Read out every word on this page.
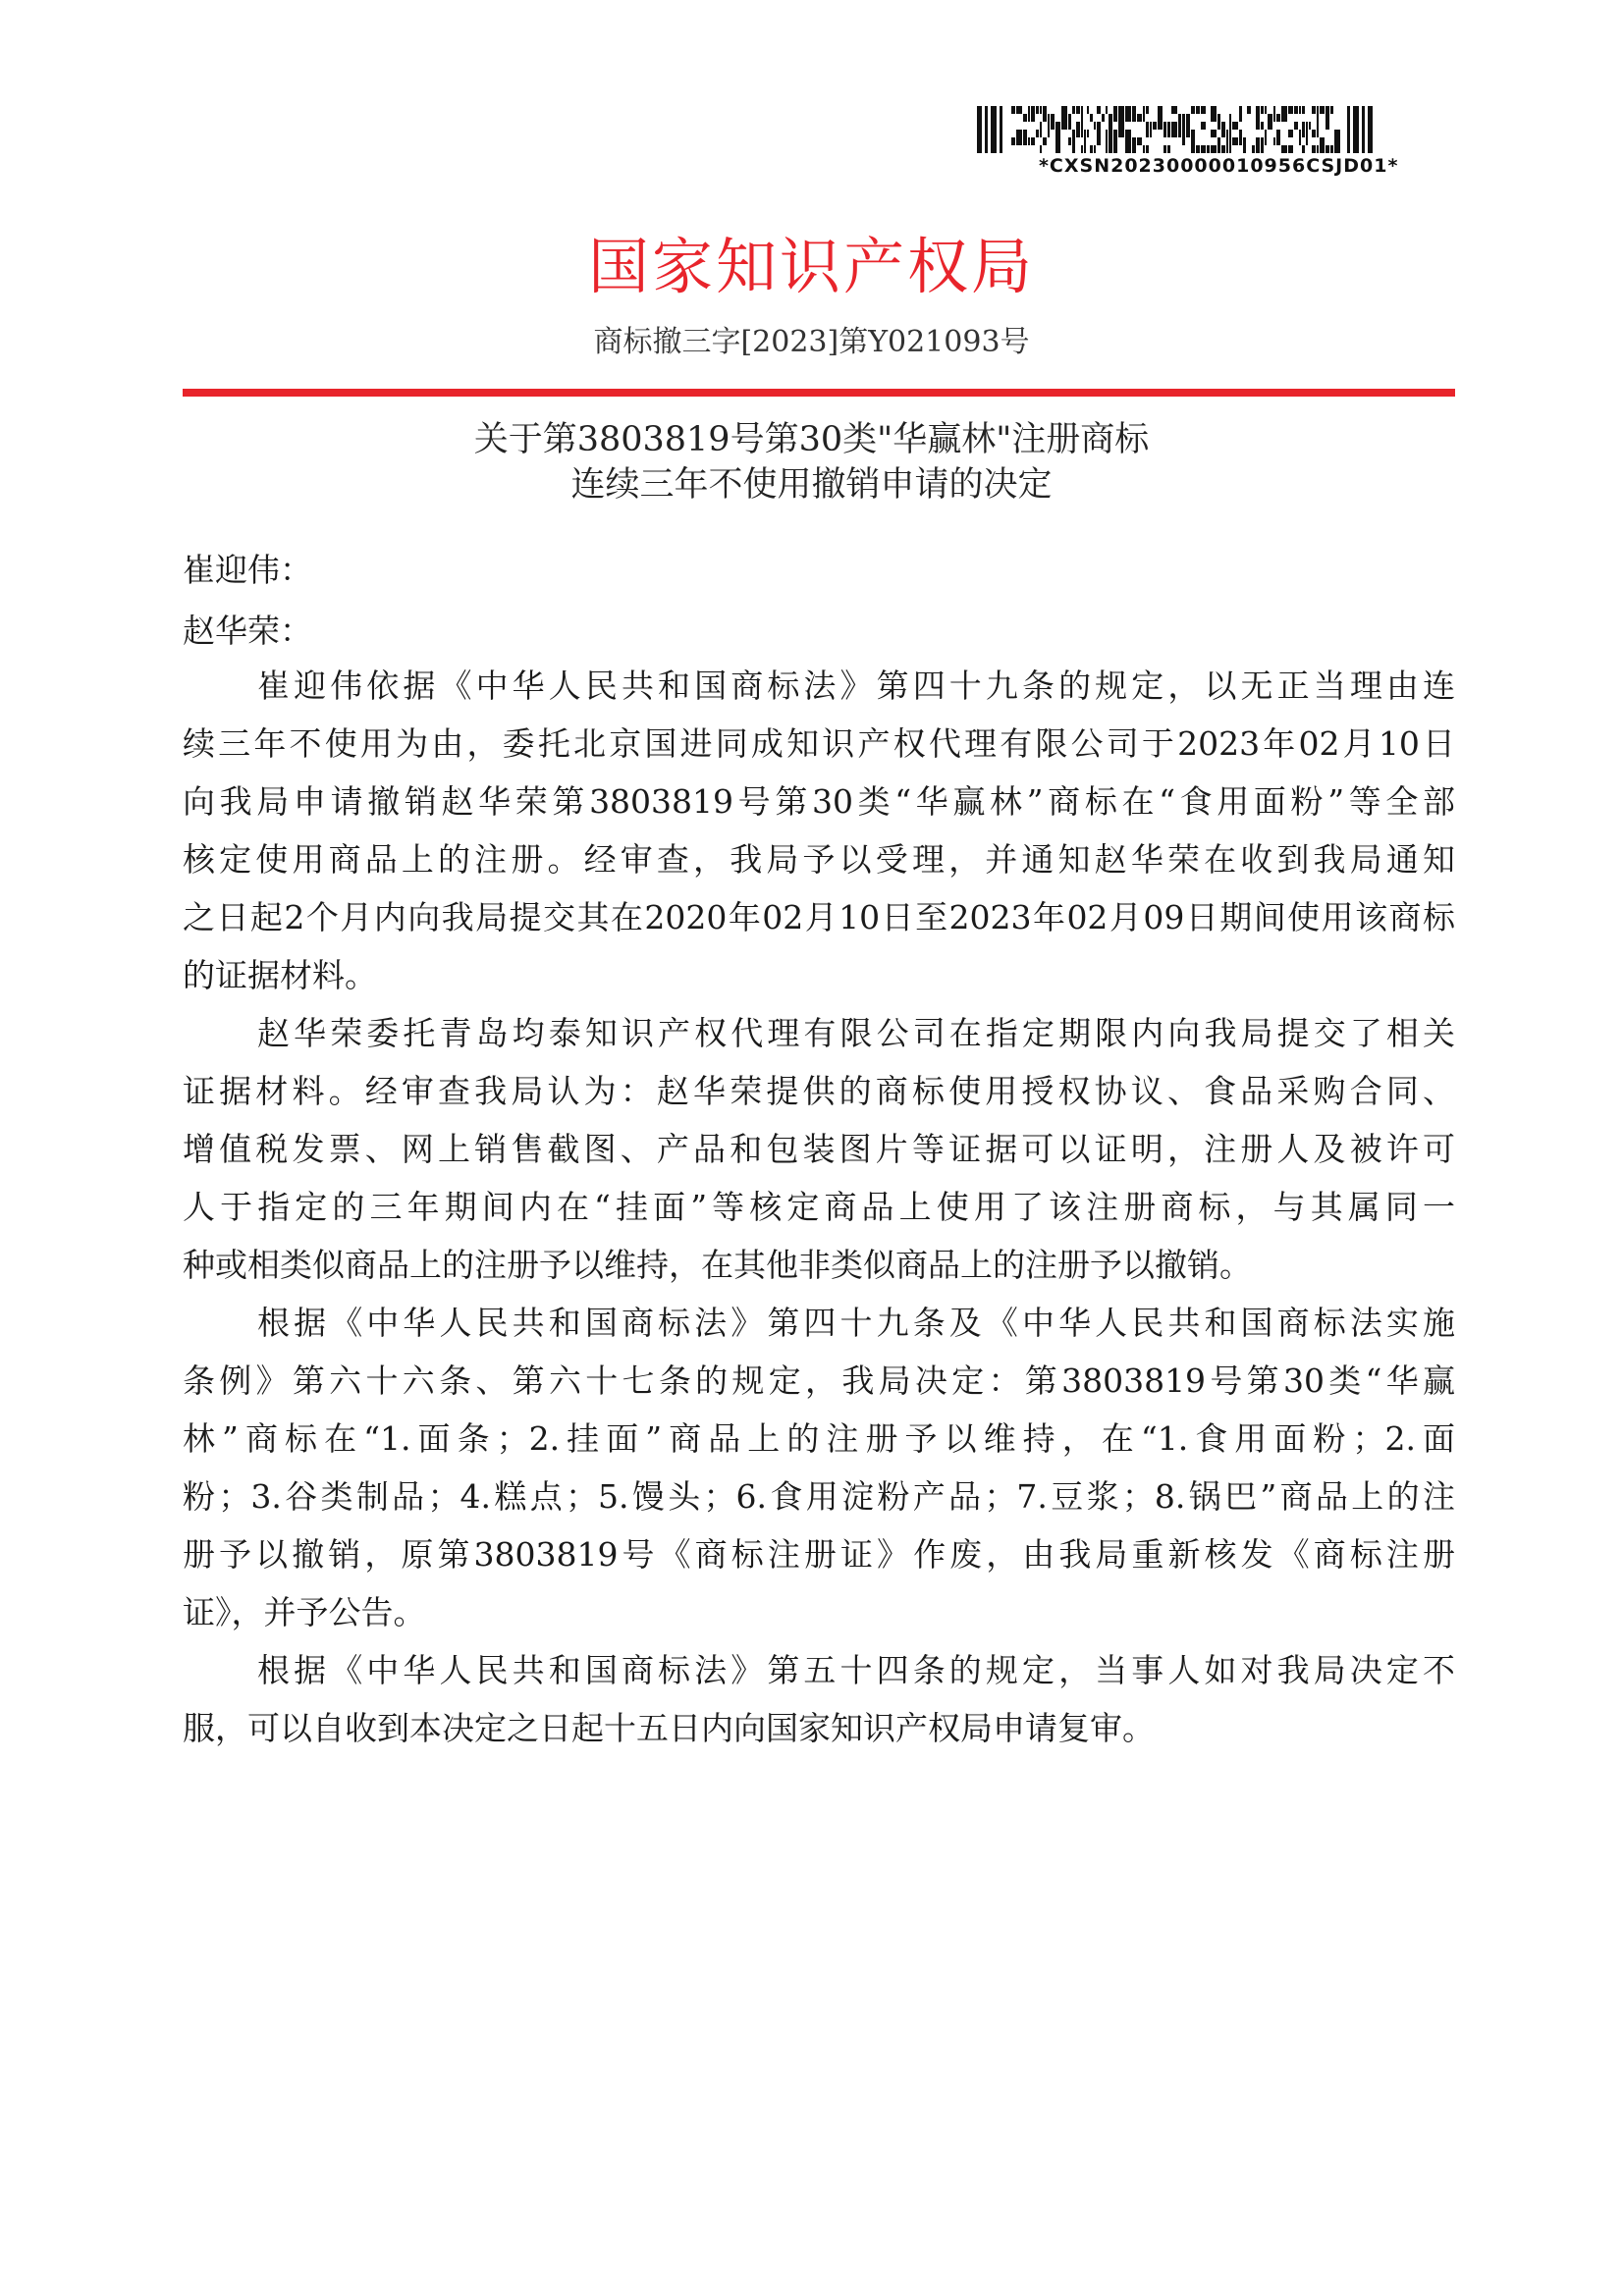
*CXSN20230000010956CSJD01*
国家知识产权局
商标撤三字[2023]第Y021093号
关于第3803819号第30类"华赢林"注册商标
连续三年不使用撤销申请的决定
崔迎伟：
赵华荣：
崔迎伟依据《中华人民共和国商标法》第四十九条的规定，以无正当理由连
续三年不使用为由，委托北京国进同成知识产权代理有限公司于2023年02月10日
向我局申请撤销赵华荣第3803819号第30类“华赢林”商标在“食用面粉”等全部
核定使用商品上的注册。经审查，我局予以受理，并通知赵华荣在收到我局通知
之日起2个月内向我局提交其在2020年02月10日至2023年02月09日期间使用该商标
的证据材料。
赵华荣委托青岛均泰知识产权代理有限公司在指定期限内向我局提交了相关
证据材料。经审查我局认为：赵华荣提供的商标使用授权协议、食品采购合同、
增值税发票、网上销售截图、产品和包装图片等证据可以证明，注册人及被许可
人于指定的三年期间内在“挂面”等核定商品上使用了该注册商标，与其属同一
种或相类似商品上的注册予以维持，在其他非类似商品上的注册予以撤销。
根据《中华人民共和国商标法》第四十九条及《中华人民共和国商标法实施
条例》第六十六条、第六十七条的规定，我局决定：第3803819号第30类“华赢
林”商标在“1.面条；2.挂面”商品上的注册予以维持，在“1.食用面粉；2.面
粉；3.谷类制品；4.糕点；5.馒头；6.食用淀粉产品；7.豆浆；8.锅巴”商品上的注
册予以撤销，原第3803819号《商标注册证》作废，由我局重新核发《商标注册
证》，并予公告。
根据《中华人民共和国商标法》第五十四条的规定，当事人如对我局决定不
服，可以自收到本决定之日起十五日内向国家知识产权局申请复审。
